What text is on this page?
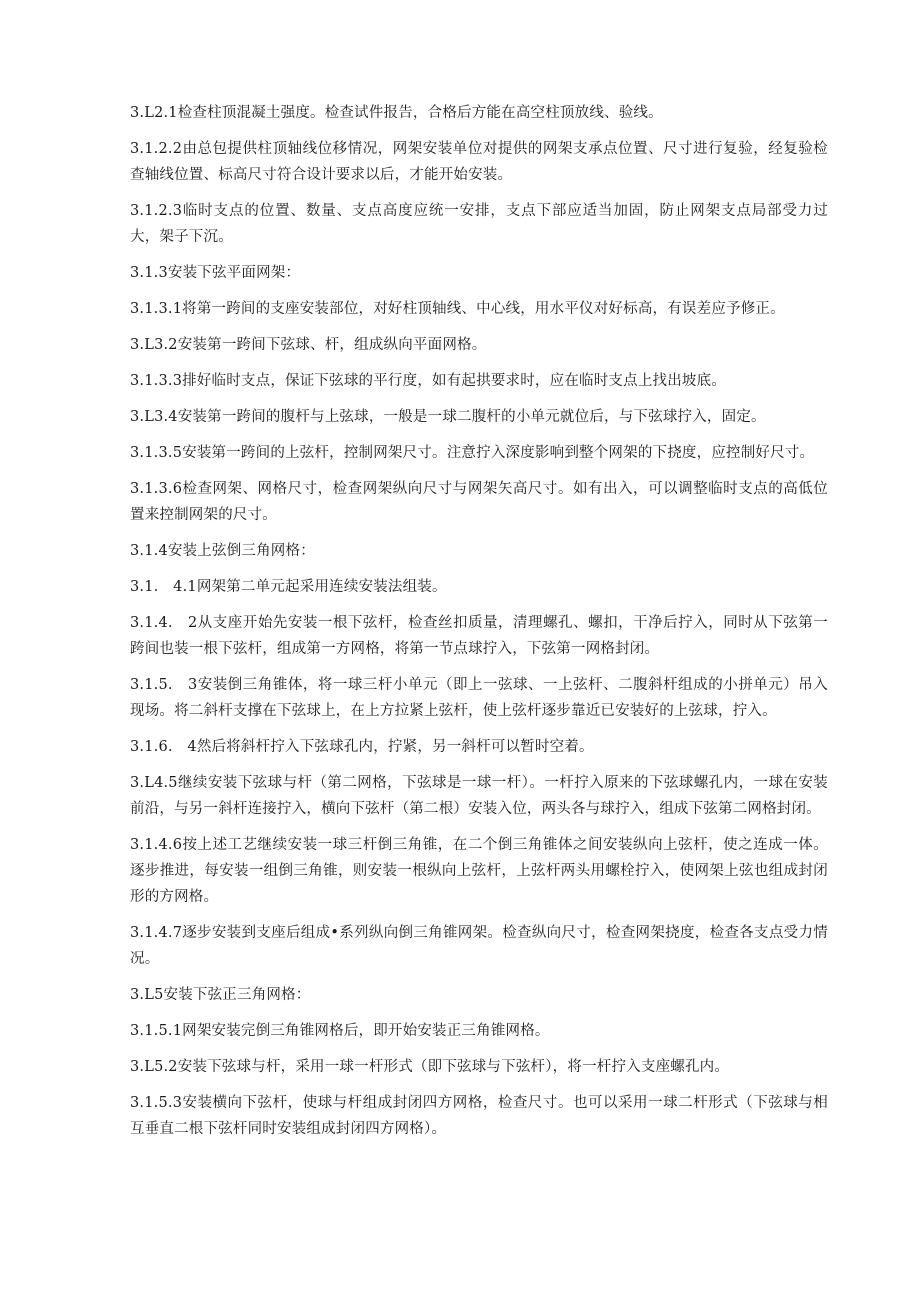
3.L2.1检查柱顶混凝土强度。检查试件报告，合格后方能在高空柱顶放线、验线。

3.1.2.2由总包提供柱顶轴线位移情况，网架安装单位对提供的网架支承点位置、尺寸进行复验，经复验检查轴线位置、标高尺寸符合设计要求以后，才能开始安装。

3.1.2.3临时支点的位置、数量、支点高度应统一安排，支点下部应适当加固，防止网架支点局部受力过大，架子下沉。

3.1.3安装下弦平面网架：

3.1.3.1将第一跨间的支座安装部位，对好柱顶轴线、中心线，用水平仪对好标高，有误差应予修正。

3.L3.2安装第一跨间下弦球、杆，组成纵向平面网格。

3.1.3.3排好临时支点，保证下弦球的平行度，如有起拱要求时，应在临时支点上找出坡底。

3.L3.4安装第一跨间的腹杆与上弦球，一般是一球二腹杆的小单元就位后，与下弦球拧入，固定。

3.1.3.5安装第一跨间的上弦杆，控制网架尺寸。注意拧入深度影响到整个网架的下挠度，应控制好尺寸。

3.1.3.6检查网架、网格尺寸，检查网架纵向尺寸与网架矢高尺寸。如有出入，可以调整临时支点的高低位置来控制网架的尺寸。

3.1.4安装上弦倒三角网格：

3.1.　4.1网架第二单元起采用连续安装法组装。

3.1.4.　2从支座开始先安装一根下弦杆，检查丝扣质量，清理螺孔、螺扣，干净后拧入，同时从下弦第一跨间也装一根下弦杆，组成第一方网格，将第一节点球拧入，下弦第一网格封闭。

3.1.5.　3安装倒三角锥体，将一球三杆小单元（即上一弦球、一上弦杆、二腹斜杆组成的小拼单元）吊入现场。将二斜杆支撑在下弦球上，在上方拉紧上弦杆，使上弦杆逐步靠近已安装好的上弦球，拧入。

3.1.6.　4然后将斜杆拧入下弦球孔内，拧紧，另一斜杆可以暂时空着。

3.L4.5继续安装下弦球与杆（第二网格，下弦球是一球一杆）。一杆拧入原来的下弦球螺孔内，一球在安装前沿，与另一斜杆连接拧入，横向下弦杆（第二根）安装入位，两头各与球拧入，组成下弦第二网格封闭。

3.1.4.6按上述工艺继续安装一球三杆倒三角锥，在二个倒三角锥体之间安装纵向上弦杆，使之连成一体。逐步推进，每安装一组倒三角锥，则安装一根纵向上弦杆，上弦杆两头用螺栓拧入，使网架上弦也组成封闭形的方网格。

3.1.4.7逐步安装到支座后组成•系列纵向倒三角锥网架。检查纵向尺寸，检查网架挠度，检查各支点受力情况。

3.L5安装下弦正三角网格：

3.1.5.1网架安装完倒三角锥网格后，即开始安装正三角锥网格。

3.L5.2安装下弦球与杆，采用一球一杆形式（即下弦球与下弦杆），将一杆拧入支座螺孔内。

3.1.5.3安装横向下弦杆，使球与杆组成封闭四方网格，检查尺寸。也可以采用一球二杆形式（下弦球与相互垂直二根下弦杆同时安装组成封闭四方网格）。
